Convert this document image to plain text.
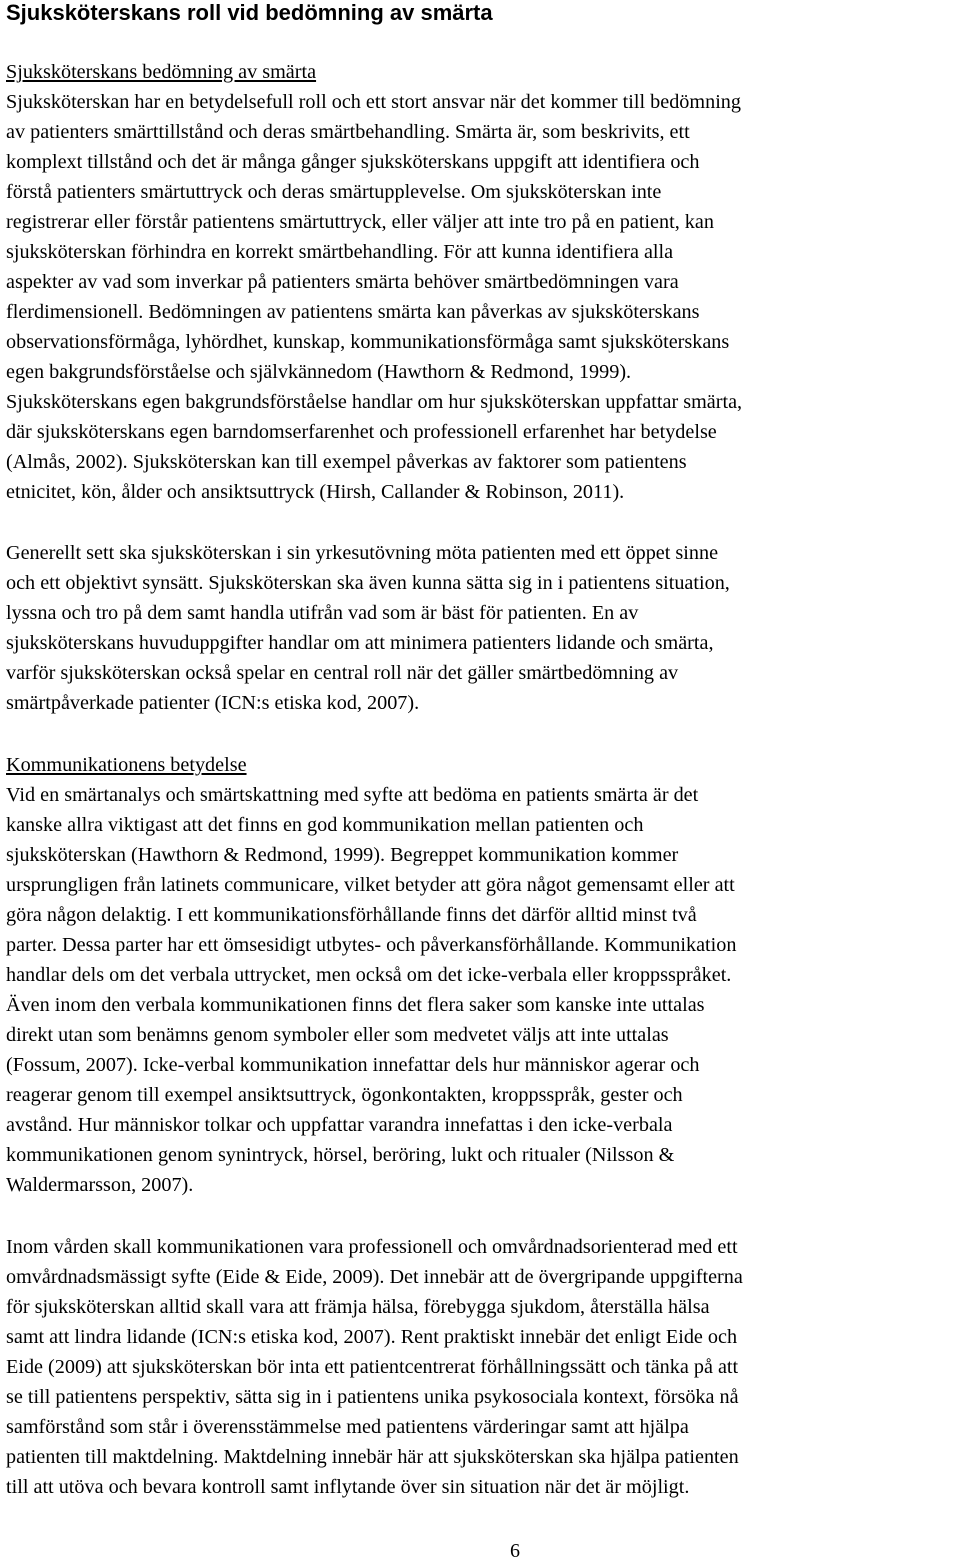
Sjuksköterskans roll vid bedömning av smärta
Sjuksköterskans bedömning av smärta
Sjuksköterskan har en betydelsefull roll och ett stort ansvar när det kommer till bedömning
av patienters smärttillstånd och deras smärtbehandling. Smärta är, som beskrivits, ett
komplext tillstånd och det är många gånger sjuksköterskans uppgift att identifiera och
förstå patienters smärtuttryck och deras smärtupplevelse. Om sjuksköterskan inte
registrerar eller förstår patientens smärtuttryck, eller väljer att inte tro på en patient, kan
sjuksköterskan förhindra en korrekt smärtbehandling. För att kunna identifiera alla
aspekter av vad som inverkar på patienters smärta behöver smärtbedömningen vara
flerdimensionell. Bedömningen av patientens smärta kan påverkas av sjuksköterskans
observationsförmåga, lyhördhet, kunskap, kommunikationsförmåga samt sjuksköterskans
egen bakgrundsförståelse och självkännedom (Hawthorn & Redmond, 1999).
Sjuksköterskans egen bakgrundsförståelse handlar om hur sjuksköterskan uppfattar smärta,
där sjuksköterskans egen barndomserfarenhet och professionell erfarenhet har betydelse
(Almås, 2002). Sjuksköterskan kan till exempel påverkas av faktorer som patientens
etnicitet, kön, ålder och ansiktsuttryck (Hirsh, Callander & Robinson, 2011).
Generellt sett ska sjuksköterskan i sin yrkesutövning möta patienten med ett öppet sinne
och ett objektivt synsätt. Sjuksköterskan ska även kunna sätta sig in i patientens situation,
lyssna och tro på dem samt handla utifrån vad som är bäst för patienten. En av
sjuksköterskans huvuduppgifter handlar om att minimera patienters lidande och smärta,
varför sjuksköterskan också spelar en central roll när det gäller smärtbedömning av
smärtpåverkade patienter (ICN:s etiska kod, 2007).
Kommunikationens betydelse
Vid en smärtanalys och smärtskattning med syfte att bedöma en patients smärta är det
kanske allra viktigast att det finns en god kommunikation mellan patienten och
sjuksköterskan (Hawthorn & Redmond, 1999). Begreppet kommunikation kommer
ursprungligen från latinets communicare, vilket betyder att göra något gemensamt eller att
göra någon delaktig. I ett kommunikationsförhållande finns det därför alltid minst två
parter. Dessa parter har ett ömsesidigt utbytes- och påverkansförhållande. Kommunikation
handlar dels om det verbala uttrycket, men också om det icke-verbala eller kroppsspråket.
Även inom den verbala kommunikationen finns det flera saker som kanske inte uttalas
direkt utan som benämns genom symboler eller som medvetet väljs att inte uttalas
(Fossum, 2007). Icke-verbal kommunikation innefattar dels hur människor agerar och
reagerar genom till exempel ansiktsuttryck, ögonkontakten, kroppsspråk, gester och
avstånd. Hur människor tolkar och uppfattar varandra innefattas i den icke-verbala
kommunikationen genom synintryck, hörsel, beröring, lukt och ritualer (Nilsson &
Waldermarsson, 2007).
Inom vården skall kommunikationen vara professionell och omvårdnadsorienterad med ett
omvårdnadsmässigt syfte (Eide & Eide, 2009). Det innebär att de övergripande uppgifterna
för sjuksköterskan alltid skall vara att främja hälsa, förebygga sjukdom, återställa hälsa
samt att lindra lidande (ICN:s etiska kod, 2007). Rent praktiskt innebär det enligt Eide och
Eide (2009) att sjuksköterskan bör inta ett patientcentrerat förhållningssätt och tänka på att
se till patientens perspektiv, sätta sig in i patientens unika psykosociala kontext, försöka nå
samförstånd som står i överensstämmelse med patientens värderingar samt att hjälpa
patienten till maktdelning. Maktdelning innebär här att sjuksköterskan ska hjälpa patienten
till att utöva och bevara kontroll samt inflytande över sin situation när det är möjligt.
6
